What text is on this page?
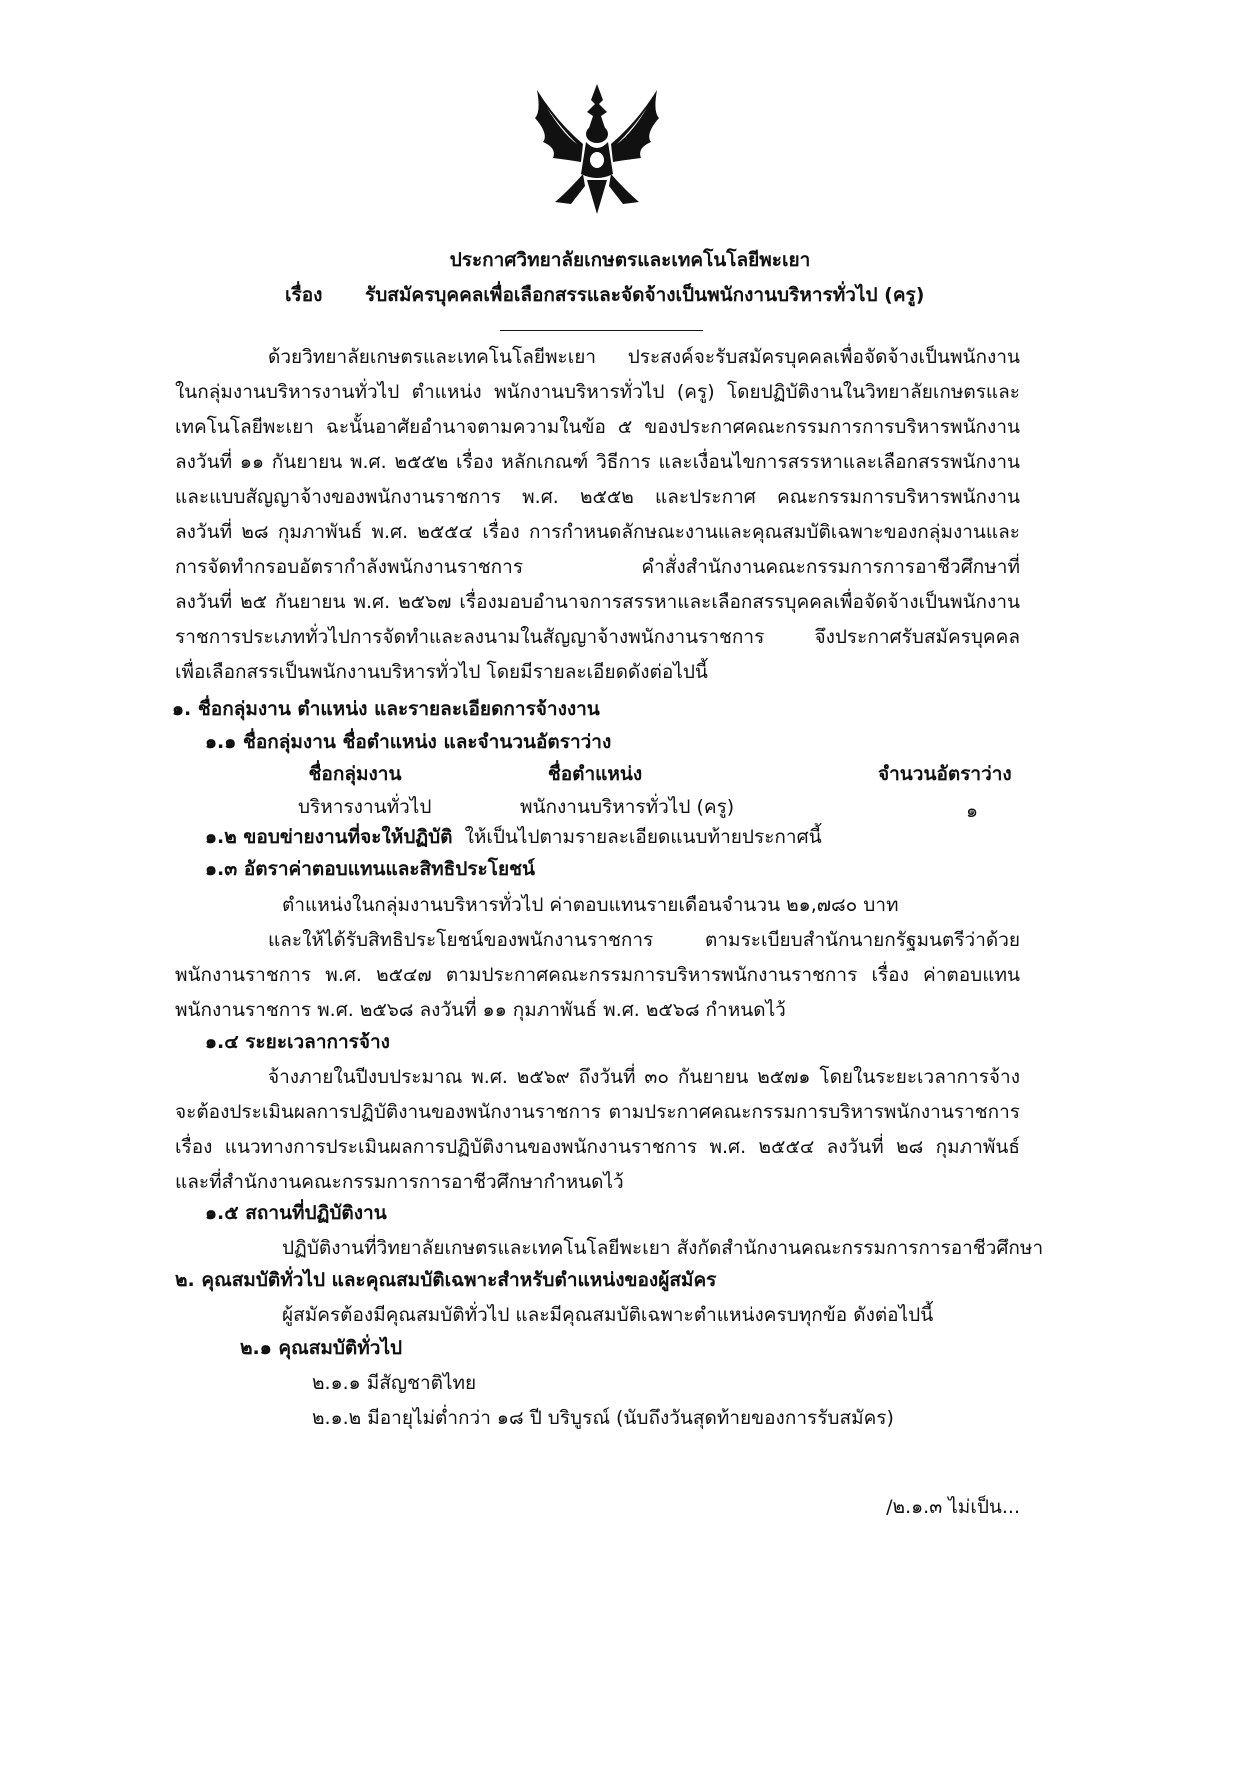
ประกาศวิทยาลัยเกษตรและเทคโนโลยีพะเยา
เรื่อง รับสมัครบุคคลเพื่อเลือกสรรและจัดจ้างเป็นพนักงานบริหารทั่วไป (ครู)
ด้วยวิทยาลัยเกษตรและเทคโนโลยีพะเยา ประสงค์จะรับสมัครบุคคลเพื่อจัดจ้างเป็นพนักงาน
ในกลุ่มงานบริหารงานทั่วไป ตำแหน่ง พนักงานบริหารทั่วไป (ครู) โดยปฏิบัติงานในวิทยาลัยเกษตรและ
เทคโนโลยีพะเยา ฉะนั้นอาศัยอำนาจตามความในข้อ ๕ ของประกาศคณะกรรมการการบริหารพนักงาน
ลงวันที่ ๑๑ กันยายน พ.ศ. ๒๕๕๒ เรื่อง หลักเกณฑ์ วิธีการ และเงื่อนไขการสรรหาและเลือกสรรพนักงาน
และแบบสัญญาจ้างของพนักงานราชการ พ.ศ. ๒๕๕๒ และประกาศ คณะกรรมการบริหารพนักงาน
ลงวันที่ ๒๘ กุมภาพันธ์ พ.ศ. ๒๕๕๔ เรื่อง การกำหนดลักษณะงานและคุณสมบัติเฉพาะของกลุ่มงานและ
การจัดทำกรอบอัตรากำลังพนักงานราชการ คำสั่งสำนักงานคณะกรรมการการอาชีวศึกษาที่
ลงวันที่ ๒๕ กันยายน พ.ศ. ๒๕๖๗ เรื่องมอบอำนาจการสรรหาและเลือกสรรบุคคลเพื่อจัดจ้างเป็นพนักงาน
ราชการประเภททั่วไปการจัดทำและลงนามในสัญญาจ้างพนักงานราชการ จึงประกาศรับสมัครบุคคล
เพื่อเลือกสรรเป็นพนักงานบริหารทั่วไป โดยมีรายละเอียดดังต่อไปนี้
๑. ชื่อกลุ่มงาน ตำแหน่ง และรายละเอียดการจ้างงาน
๑.๑ ชื่อกลุ่มงาน ชื่อตำแหน่ง และจำนวนอัตราว่าง
ชื่อกลุ่มงาน	ชื่อตำแหน่ง	จำนวนอัตราว่าง
บริหารงานทั่วไป	พนักงานบริหารทั่วไป (ครู)	๑
๑.๒ ขอบข่ายงานที่จะให้ปฏิบัติ ให้เป็นไปตามรายละเอียดแนบท้ายประกาศนี้
๑.๓ อัตราค่าตอบแทนและสิทธิประโยชน์
ตำแหน่งในกลุ่มงานบริหารทั่วไป ค่าตอบแทนรายเดือนจำนวน ๒๑,๗๘๐ บาท
และให้ได้รับสิทธิประโยชน์ของพนักงานราชการ ตามระเบียบสำนักนายกรัฐมนตรีว่าด้วย
พนักงานราชการ พ.ศ. ๒๕๔๗ ตามประกาศคณะกรรมการบริหารพนักงานราชการ เรื่อง ค่าตอบแทน
พนักงานราชการ พ.ศ. ๒๕๖๘ ลงวันที่ ๑๑ กุมภาพันธ์ พ.ศ. ๒๕๖๘ กำหนดไว้
๑.๔ ระยะเวลาการจ้าง
จ้างภายในปีงบประมาณ พ.ศ. ๒๕๖๙ ถึงวันที่ ๓๐ กันยายน ๒๕๗๑ โดยในระยะเวลาการจ้าง
จะต้องประเมินผลการปฏิบัติงานของพนักงานราชการ ตามประกาศคณะกรรมการบริหารพนักงานราชการ
เรื่อง แนวทางการประเมินผลการปฏิบัติงานของพนักงานราชการ พ.ศ. ๒๕๕๔ ลงวันที่ ๒๘ กุมภาพันธ์
และที่สำนักงานคณะกรรมการการอาชีวศึกษากำหนดไว้
๑.๕ สถานที่ปฏิบัติงาน
ปฏิบัติงานที่วิทยาลัยเกษตรและเทคโนโลยีพะเยา สังกัดสำนักงานคณะกรรมการการอาชีวศึกษา
๒. คุณสมบัติทั่วไป และคุณสมบัติเฉพาะสำหรับตำแหน่งของผู้สมัคร
ผู้สมัครต้องมีคุณสมบัติทั่วไป และมีคุณสมบัติเฉพาะตำแหน่งครบทุกข้อ ดังต่อไปนี้
๒.๑ คุณสมบัติทั่วไป
๒.๑.๑ มีสัญชาติไทย
๒.๑.๒ มีอายุไม่ต่ำกว่า ๑๘ ปี บริบูรณ์ (นับถึงวันสุดท้ายของการรับสมัคร)
/๒.๑.๓ ไม่เป็น...
